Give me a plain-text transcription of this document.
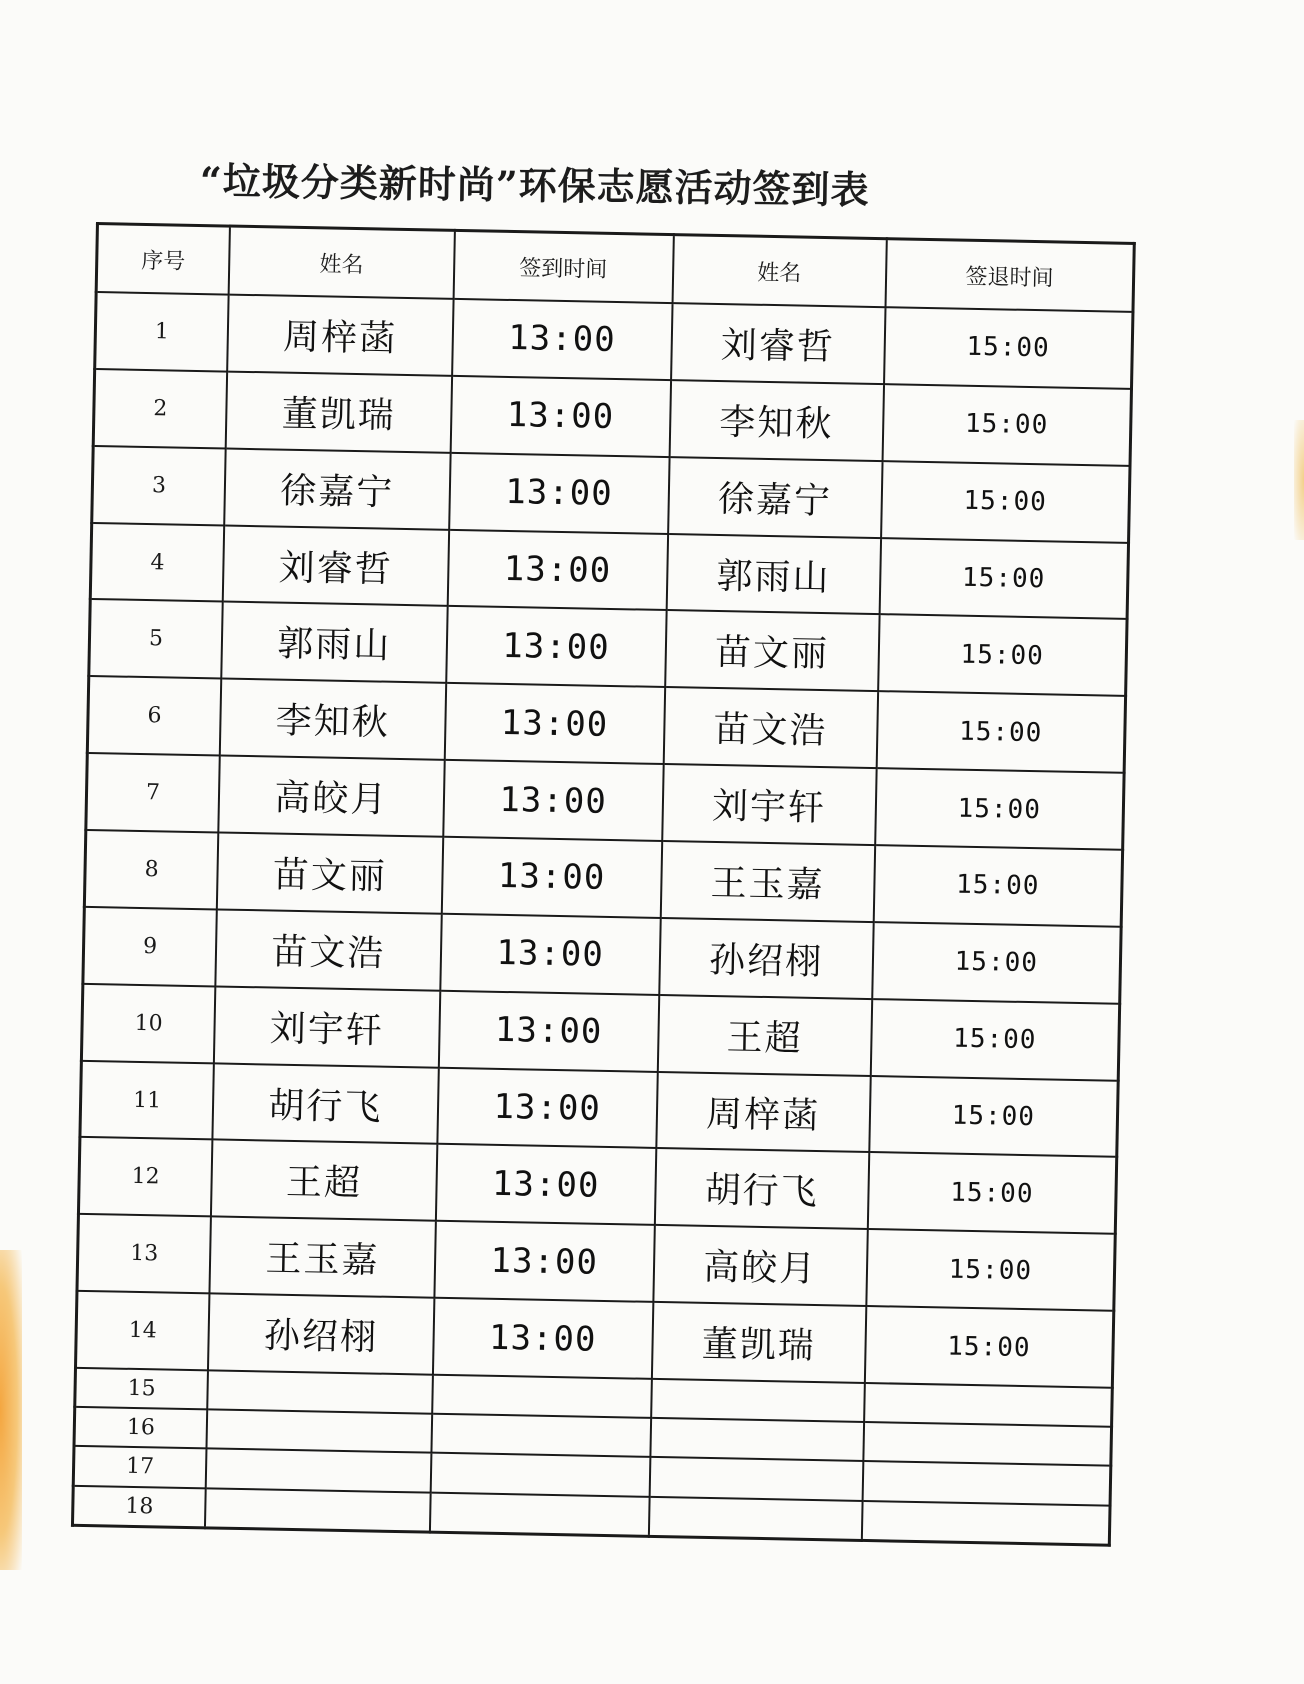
“垃圾分类新时尚”环保志愿活动签到表
序号	姓名	签到时间	姓名	签退时间
1	周梓菡	13:00	刘睿哲	15:00
2	董凯瑞	13:00	李知秋	15:00
3	徐嘉宁	13:00	徐嘉宁	15:00
4	刘睿哲	13:00	郭雨山	15:00
5	郭雨山	13:00	苗文丽	15:00
6	李知秋	13:00	苗文浩	15:00
7	高皎月	13:00	刘宇轩	15:00
8	苗文丽	13:00	王玉嘉	15:00
9	苗文浩	13:00	孙绍栩	15:00
10	刘宇轩	13:00	王超	15:00
11	胡行飞	13:00	周梓菡	15:00
12	王超	13:00	胡行飞	15:00
13	王玉嘉	13:00	高皎月	15:00
14	孙绍栩	13:00	董凯瑞	15:00
15				
16				
17				
18				
